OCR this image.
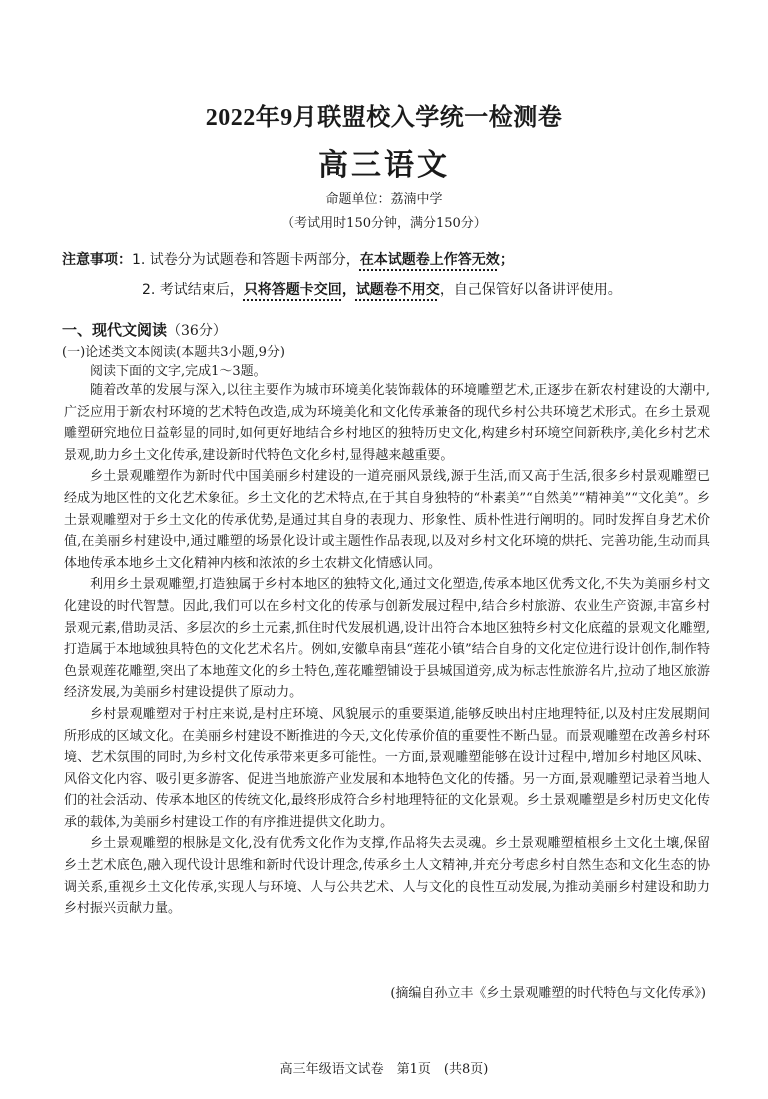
2022年9月联盟校入学统一检测卷
高三语文
命题单位：荔湳中学
（考试用时150分钟，满分150分）
注意事项：1. 试卷分为试题卷和答题卡两部分，在本试题卷上作答无效；
2. 考试结束后，只将答题卡交回，试题卷不用交，自己保管好以备讲评使用。
一、现代文阅读（36分）
(一)论述类文本阅读(本题共3小题,9分)
阅读下面的文字,完成1～3题。

随着改革的发展与深入,以往主要作为城市环境美化装饰载体的环境雕塑艺术,正逐步在新农村建设的大潮中,广泛应用于新农村环境的艺术特色改造,成为环境美化和文化传承兼备的现代乡村公共环境艺术形式。在乡土景观雕塑研究地位日益彰显的同时,如何更好地结合乡村地区的独特历史文化,构建乡村环境空间新秩序,美化乡村艺术景观,助力乡土文化传承,建设新时代特色文化乡村,显得越来越重要。

乡土景观雕塑作为新时代中国美丽乡村建设的一道亮丽风景线,源于生活,而又高于生活,很多乡村景观雕塑已经成为地区性的文化艺术象征。乡土文化的艺术特点,在于其自身独特的“朴素美”“自然美”“精神美”“文化美”。乡土景观雕塑对于乡土文化的传承优势,是通过其自身的表现力、形象性、质朴性进行阐明的。同时发挥自身艺术价值,在美丽乡村建设中,通过雕塑的场景化设计或主题性作品表现,以及对乡村文化环境的烘托、完善功能,生动而具体地传承本地乡土文化精神内核和浓浓的乡土农耕文化情感认同。

利用乡土景观雕塑,打造独属于乡村本地区的独特文化,通过文化塑造,传承本地区优秀文化,不失为美丽乡村文化建设的时代智慧。因此,我们可以在乡村文化的传承与创新发展过程中,结合乡村旅游、农业生产资源,丰富乡村景观元素,借助灵活、多层次的乡土元素,抓住时代发展机遇,设计出符合本地区独特乡村文化底蕴的景观文化雕塑,打造属于本地域独具特色的文化艺术名片。例如,安徽阜南县“莲花小镇”结合自身的文化定位进行设计创作,制作特色景观莲花雕塑,突出了本地莲文化的乡土特色,莲花雕塑铺设于县城国道旁,成为标志性旅游名片,拉动了地区旅游经济发展,为美丽乡村建设提供了原动力。

乡村景观雕塑对于村庄来说,是村庄环境、风貌展示的重要渠道,能够反映出村庄地理特征,以及村庄发展期间所形成的区域文化。在美丽乡村建设不断推进的今天,文化传承价值的重要性不断凸显。而景观雕塑在改善乡村环境、艺术氛围的同时,为乡村文化传承带来更多可能性。一方面,景观雕塑能够在设计过程中,增加乡村地区风味、风俗文化内容、吸引更多游客、促进当地旅游产业发展和本地特色文化的传播。另一方面,景观雕塑记录着当地人们的社会活动、传承本地区的传统文化,最终形成符合乡村地理特征的文化景观。乡土景观雕塑是乡村历史文化传承的载体,为美丽乡村建设工作的有序推进提供文化助力。

乡土景观雕塑的根脉是文化,没有优秀文化作为支撑,作品将失去灵魂。乡土景观雕塑植根乡土文化土壤,保留乡土艺术底色,融入现代设计思维和新时代设计理念,传承乡土人文精神,并充分考虑乡村自然生态和文化生态的协调关系,重视乡土文化传承,实现人与环境、人与公共艺术、人与文化的良性互动发展,为推动美丽乡村建设和助力乡村振兴贡献力量。

(摘编自孙立丰《乡土景观雕塑的时代特色与文化传承》)
高三年级语文试卷　第1页　(共8页)
